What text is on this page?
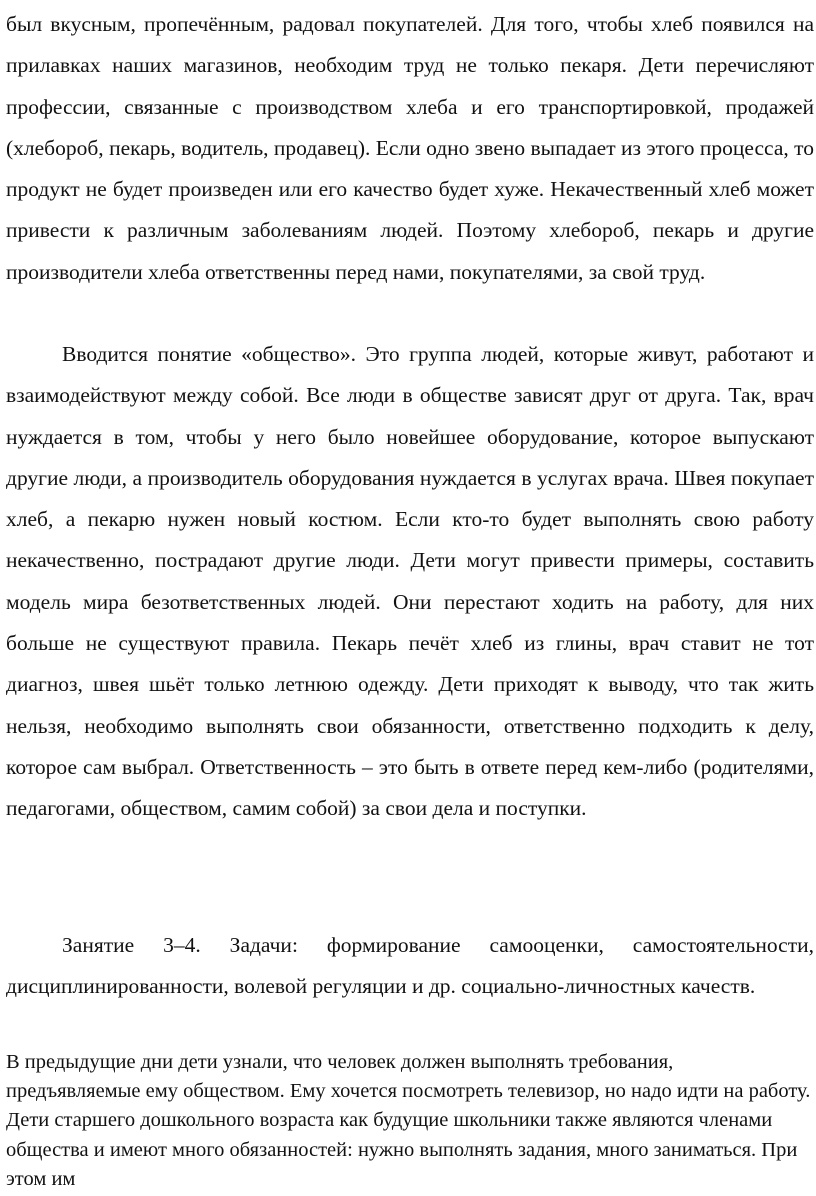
был вкусным, пропечённым, радовал покупателей. Для того, чтобы хлеб появился на прилавках наших магазинов, необходим труд не только пекаря. Дети перечисляют профессии, связанные с производством хлеба и его транспортировкой, продажей (хлебороб, пекарь, водитель, продавец). Если одно звено выпадает из этого процесса, то продукт не будет произведен или его качество будет хуже. Некачественный хлеб может привести к различным заболеваниям людей. Поэтому хлебороб, пекарь и другие производители хлеба ответственны перед нами, покупателями, за свой труд.

Вводится понятие «общество». Это группа людей, которые живут, работают и взаимодействуют между собой. Все люди в обществе зависят друг от друга. Так, врач нуждается в том, чтобы у него было новейшее оборудование, которое выпускают другие люди, а производитель оборудования нуждается в услугах врача. Швея покупает хлеб, а пекарю нужен новый костюм. Если кто-то будет выполнять свою работу некачественно, пострадают другие люди. Дети могут привести примеры, составить модель мира безответственных людей. Они перестают ходить на работу, для них больше не существуют правила. Пекарь печёт хлеб из глины, врач ставит не тот диагноз, швея шьёт только летнюю одежду. Дети приходят к выводу, что так жить нельзя, необходимо выполнять свои обязанности, ответственно подходить к делу, которое сам выбрал. Ответственность – это быть в ответе перед кем-либо (родителями, педагогами, обществом, самим собой) за свои дела и поступки.

Занятие 3–4. Задачи: формирование самооценки, самостоятельности, дисциплинированности, волевой регуляции и др. социально-личностных качеств.

В предыдущие дни дети узнали, что человек должен выполнять требования, предъявляемые ему обществом. Ему хочется посмотреть телевизор, но надо идти на работу. Дети старшего дошкольного возраста как будущие школьники также являются членами общества и имеют много обязанностей: нужно выполнять задания, много заниматься. При этом им
